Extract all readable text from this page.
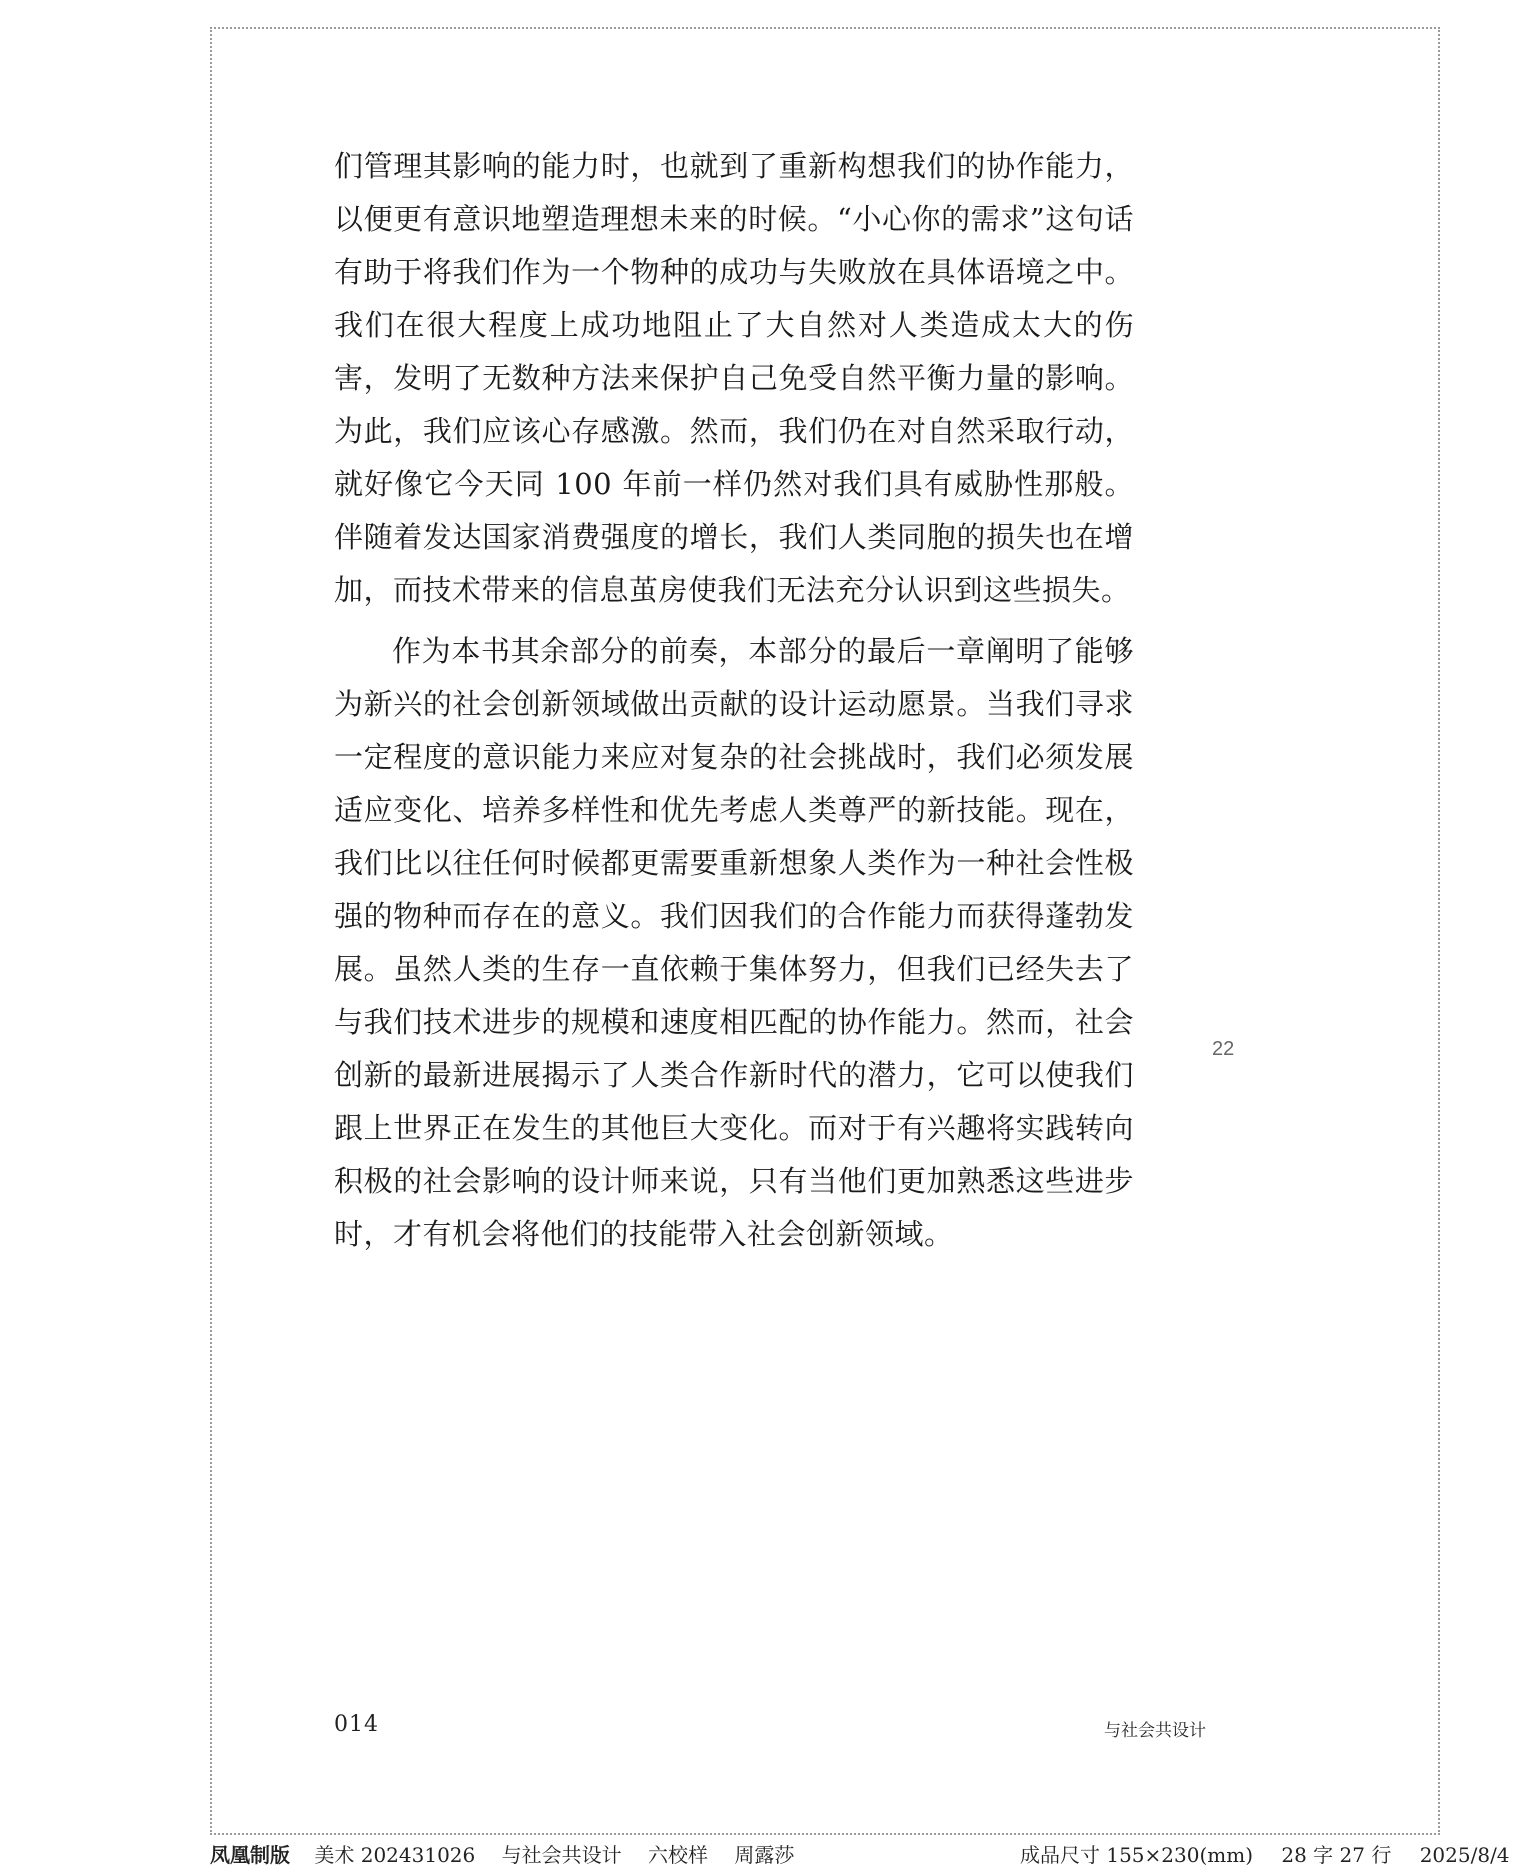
们管理其影响的能力时，也就到了重新构想我们的协作能力，以便更有意识地塑造理想未来的时候。“小心你的需求”这句话有助于将我们作为一个物种的成功与失败放在具体语境之中。我们在很大程度上成功地阻止了大自然对人类造成太大的伤害，发明了无数种方法来保护自己免受自然平衡力量的影响。为此，我们应该心存感激。然而，我们仍在对自然采取行动，就好像它今天同 100 年前一样仍然对我们具有威胁性那般。伴随着发达国家消费强度的增长，我们人类同胞的损失也在增加，而技术带来的信息茧房使我们无法充分认识到这些损失。

作为本书其余部分的前奏，本部分的最后一章阐明了能够为新兴的社会创新领域做出贡献的设计运动愿景。当我们寻求一定程度的意识能力来应对复杂的社会挑战时，我们必须发展适应变化、培养多样性和优先考虑人类尊严的新技能。现在，我们比以往任何时候都更需要重新想象人类作为一种社会性极强的物种而存在的意义。我们因我们的合作能力而获得蓬勃发展。虽然人类的生存一直依赖于集体努力，但我们已经失去了与我们技术进步的规模和速度相匹配的协作能力。然而，社会创新的最新进展揭示了人类合作新时代的潜力，它可以使我们跟上世界正在发生的其他巨大变化。而对于有兴趣将实践转向积极的社会影响的设计师来说，只有当他们更加熟悉这些进步时，才有机会将他们的技能带入社会创新领域。

22
014	与社会共设计
凤凰制版 美术 202431026 与社会共设计 六校样 周露莎	成品尺寸 155×230(mm) 28 字 27 行 2025/8/4
